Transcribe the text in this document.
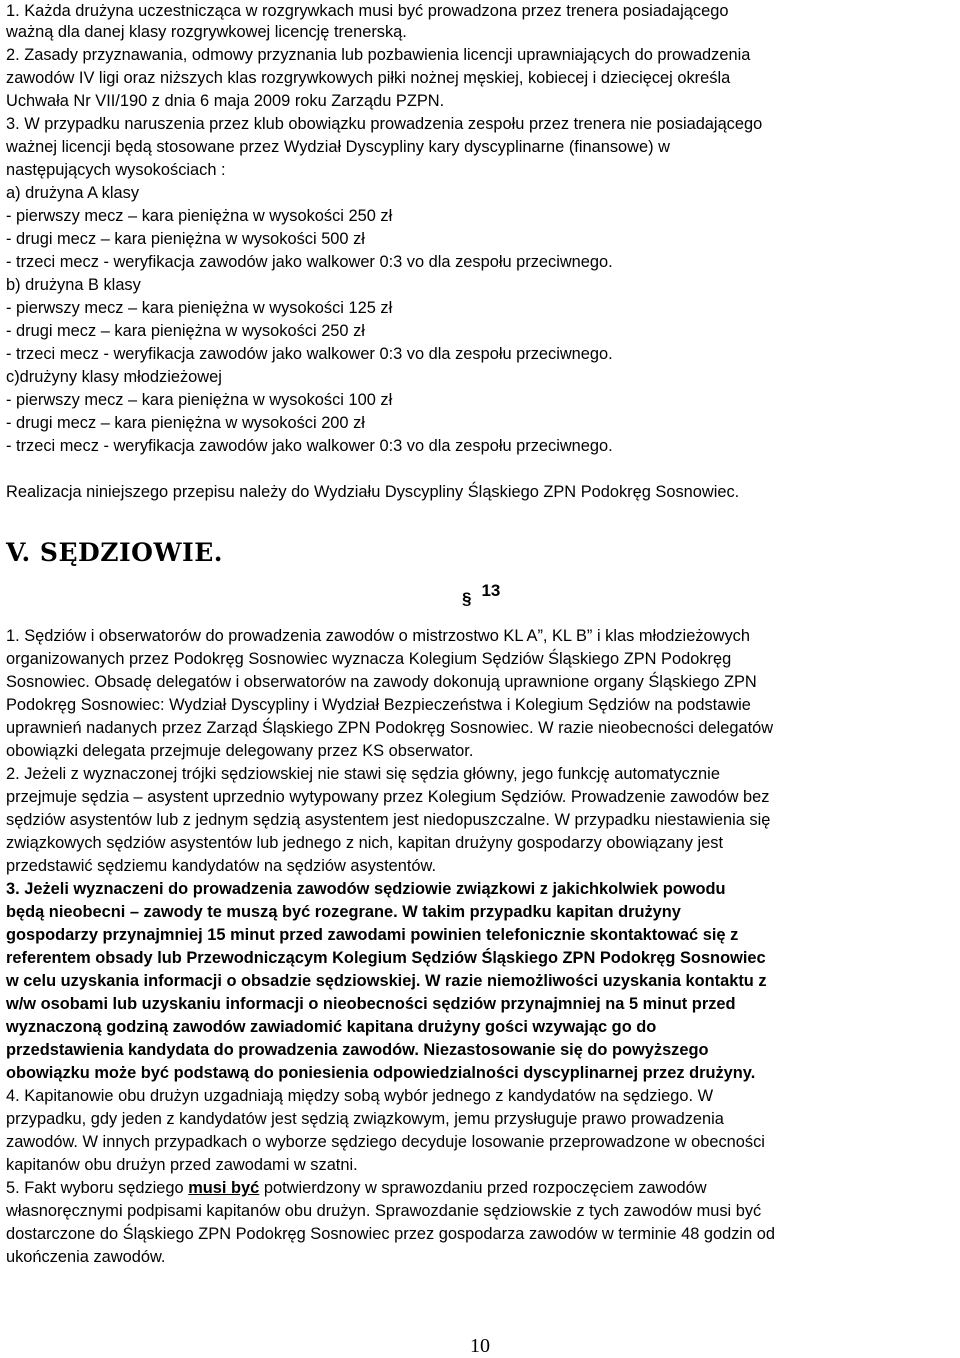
1. Każda drużyna uczestnicząca w rozgrywkach musi być prowadzona przez trenera posiadającego
ważną dla danej klasy rozgrywkowej licencję trenerską.
2. Zasady przyznawania, odmowy przyznania lub pozbawienia licencji uprawniających do prowadzenia
zawodów IV ligi oraz niższych klas rozgrywkowych piłki nożnej męskiej, kobiecej i dziecięcej określa
Uchwała Nr VII/190 z dnia 6 maja 2009 roku Zarządu PZPN.
3. W przypadku naruszenia przez klub obowiązku prowadzenia zespołu przez trenera nie posiadającego
ważnej licencji będą stosowane przez Wydział Dyscypliny kary dyscyplinarne (finansowe) w
następujących wysokościach :
a) drużyna A klasy
- pierwszy mecz – kara pieniężna w wysokości 250 zł
- drugi mecz – kara pieniężna w wysokości 500 zł
- trzeci mecz - weryfikacja zawodów jako walkower 0:3 vo dla zespołu przeciwnego.
b) drużyna B klasy
- pierwszy mecz – kara pieniężna w wysokości 125 zł
- drugi mecz – kara pieniężna w wysokości 250 zł
- trzeci mecz - weryfikacja zawodów jako walkower 0:3 vo dla zespołu przeciwnego.
c)drużyny klasy młodzieżowej
- pierwszy mecz – kara pieniężna w wysokości 100 zł
- drugi mecz – kara pieniężna w wysokości 200 zł
- trzeci mecz - weryfikacja zawodów jako walkower 0:3 vo dla zespołu przeciwnego.
Realizacja niniejszego przepisu należy do Wydziału Dyscypliny Śląskiego ZPN Podokręg Sosnowiec.
V. SĘDZIOWIE.
§ 13
1. Sędziów i obserwatorów do prowadzenia zawodów o mistrzostwo KL A”, KL B” i klas młodzieżowych
organizowanych przez Podokręg Sosnowiec wyznacza Kolegium Sędziów Śląskiego ZPN Podokręg
Sosnowiec. Obsadę delegatów i obserwatorów na zawody dokonują uprawnione organy Śląskiego ZPN
Podokręg Sosnowiec: Wydział Dyscypliny i Wydział Bezpieczeństwa i Kolegium Sędziów na podstawie
uprawnień nadanych przez Zarząd Śląskiego ZPN Podokręg Sosnowiec. W razie nieobecności delegatów
obowiązki delegata przejmuje delegowany przez KS obserwator.
2. Jeżeli z wyznaczonej trójki sędziowskiej nie stawi się sędzia główny, jego funkcję automatycznie
przejmuje sędzia – asystent uprzednio wytypowany przez Kolegium Sędziów. Prowadzenie zawodów bez
sędziów asystentów lub z jednym sędzią asystentem jest niedopuszczalne. W przypadku niestawienia się
związkowych sędziów asystentów lub jednego z nich, kapitan drużyny gospodarzy obowiązany jest
przedstawić sędziemu kandydatów na sędziów asystentów.
3. Jeżeli wyznaczeni do prowadzenia zawodów sędziowie związkowi z jakichkolwiek powodu
będą nieobecni – zawody te muszą być rozegrane. W takim przypadku kapitan drużyny
gospodarzy przynajmniej 15 minut przed zawodami powinien telefonicznie skontaktować się z
referentem obsady lub Przewodniczącym Kolegium Sędziów Śląskiego ZPN Podokręg Sosnowiec
w celu uzyskania informacji o obsadzie sędziowskiej. W razie niemożliwości uzyskania kontaktu z
w/w osobami lub uzyskaniu informacji o nieobecności sędziów przynajmniej na 5 minut przed
wyznaczoną godziną zawodów zawiadomić kapitana drużyny gości wzywając go do
przedstawienia kandydata do prowadzenia zawodów. Niezastosowanie się do powyższego
obowiązku może być podstawą do poniesienia odpowiedzialności dyscyplinarnej przez drużyny.
4. Kapitanowie obu drużyn uzgadniają między sobą wybór jednego z kandydatów na sędziego. W
przypadku, gdy jeden z kandydatów jest sędzią związkowym, jemu przysługuje prawo prowadzenia
zawodów. W innych przypadkach o wyborze sędziego decyduje losowanie przeprowadzone w obecności
kapitanów obu drużyn przed zawodami w szatni.
5. Fakt wyboru sędziego musi być potwierdzony w sprawozdaniu przed rozpoczęciem zawodów
własnoręcznymi podpisami kapitanów obu drużyn. Sprawozdanie sędziowskie z tych zawodów musi być
dostarczone do Śląskiego ZPN Podokręg Sosnowiec przez gospodarza zawodów w terminie 48 godzin od
ukończenia zawodów.
10
